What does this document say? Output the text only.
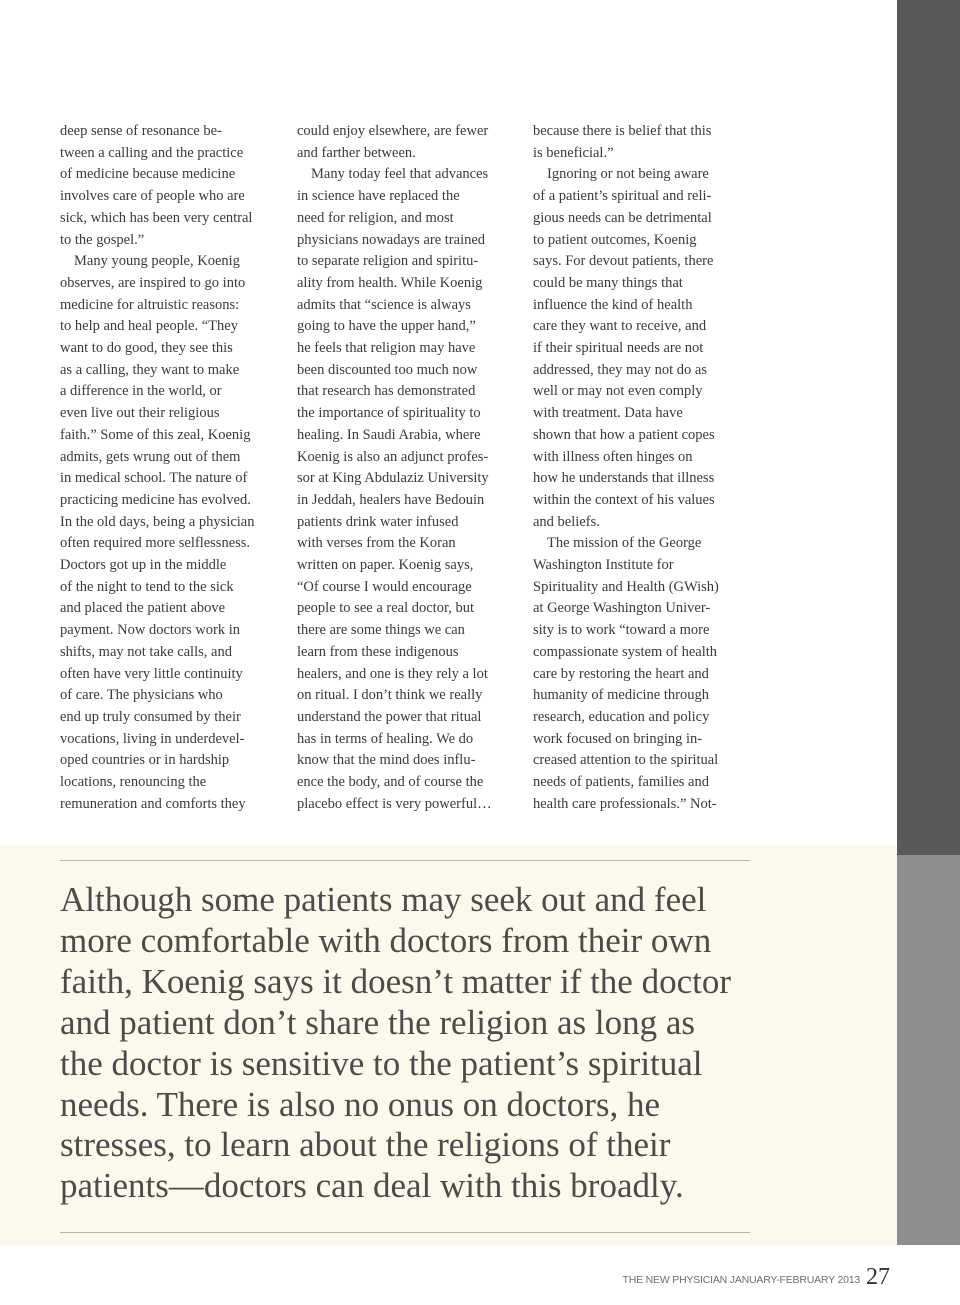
deep sense of resonance be-
tween a calling and the practice
of medicine because medicine
involves care of people who are
sick, which has been very central
to the gospel.”
Many young people, Koenig
observes, are inspired to go into
medicine for altruistic reasons:
to help and heal people. “They
want to do good, they see this
as a calling, they want to make
a difference in the world, or
even live out their religious
faith.” Some of this zeal, Koenig
admits, gets wrung out of them
in medical school. The nature of
practicing medicine has evolved.
In the old days, being a physician
often required more selflessness.
Doctors got up in the middle
of the night to tend to the sick
and placed the patient above
payment. Now doctors work in
shifts, may not take calls, and
often have very little continuity
of care. The physicians who
end up truly consumed by their
vocations, living in underdevel-
oped countries or in hardship
locations, renouncing the
remuneration and comforts they
could enjoy elsewhere, are fewer
and farther between.
Many today feel that advances
in science have replaced the
need for religion, and most
physicians nowadays are trained
to separate religion and spiritu-
ality from health. While Koenig
admits that “science is always
going to have the upper hand,”
he feels that religion may have
been discounted too much now
that research has demonstrated
the importance of spirituality to
healing. In Saudi Arabia, where
Koenig is also an adjunct profes-
sor at King Abdulaziz University
in Jeddah, healers have Bedouin
patients drink water infused
with verses from the Koran
written on paper. Koenig says,
“Of course I would encourage
people to see a real doctor, but
there are some things we can
learn from these indigenous
healers, and one is they rely a lot
on ritual. I don’t think we really
understand the power that ritual
has in terms of healing. We do
know that the mind does influ-
ence the body, and of course the
placebo effect is very powerful…
because there is belief that this
is beneficial.”
Ignoring or not being aware
of a patient’s spiritual and reli-
gious needs can be detrimental
to patient outcomes, Koenig
says. For devout patients, there
could be many things that
influence the kind of health
care they want to receive, and
if their spiritual needs are not
addressed, they may not do as
well or may not even comply
with treatment. Data have
shown that how a patient copes
with illness often hinges on
how he understands that illness
within the context of his values
and beliefs.
The mission of the George
Washington Institute for
Spirituality and Health (GWish)
at George Washington Univer-
sity is to work “toward a more
compassionate system of health
care by restoring the heart and
humanity of medicine through
research, education and policy
work focused on bringing in-
creased attention to the spiritual
needs of patients, families and
health care professionals.” Not-
Although some patients may seek out and feel
more comfortable with doctors from their own
faith, Koenig says it doesn’t matter if the doctor
and patient don’t share the religion as long as
the doctor is sensitive to the patient’s spiritual
needs. There is also no onus on doctors, he
stresses, to learn about the religions of their
patients—doctors can deal with this broadly.
THE NEW PHYSICIAN JANUARY-FEBRUARY 2013 27
